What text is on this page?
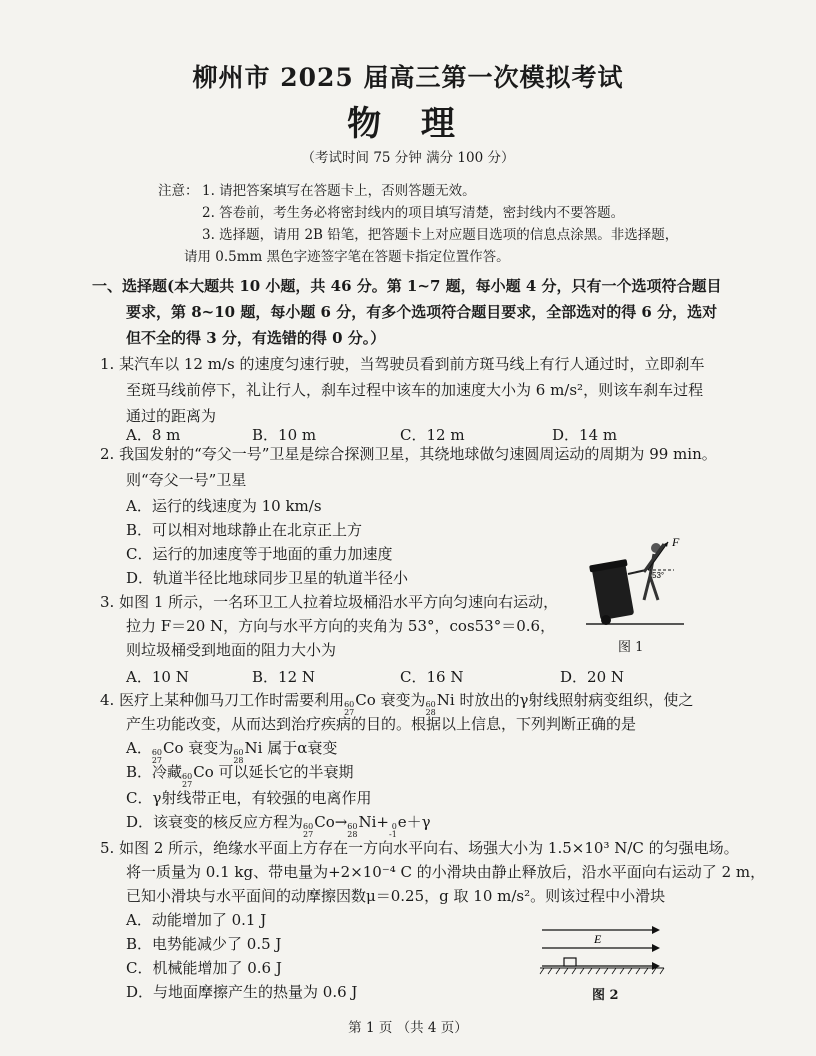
柳州市 2025 届高三第一次模拟考试
物 理
（考试时间 75 分钟 满分 100 分）
注意： 1. 请把答案填写在答题卡上，否则答题无效。
2. 答卷前，考生务必将密封线内的项目填写清楚，密封线内不要答题。
3. 选择题，请用 2B 铅笔，把答题卡上对应题目选项的信息点涂黑。非选择题，
请用 0.5mm 黑色字迹签字笔在答题卡指定位置作答。
一、选择题(本大题共 10 小题，共 46 分。第 1~7 题，每小题 4 分，只有一个选项符合题目
要求，第 8~10 题，每小题 6 分，有多个选项符合题目要求，全部选对的得 6 分，选对
但不全的得 3 分，有选错的得 0 分。）
1. 某汽车以 12 m/s 的速度匀速行驶，当驾驶员看到前方斑马线上有行人通过时，立即刹车
至斑马线前停下，礼让行人，刹车过程中该车的加速度大小为 6 m/s²，则该车刹车过程
通过的距离为
A．8 m	B．10 m	C．12 m	D．14 m
2. 我国发射的“夸父一号”卫星是综合探测卫星，其绕地球做匀速圆周运动的周期为 99 min。
则“夸父一号”卫星
A．运行的线速度为 10 km/s
B．可以相对地球静止在北京正上方
C．运行的加速度等于地面的重力加速度
D．轨道半径比地球同步卫星的轨道半径小
F
53°
图 1
3. 如图 1 所示，一名环卫工人拉着垃圾桶沿水平方向匀速向右运动，
拉力 F＝20 N，方向与水平方向的夹角为 53°，cos53°＝0.6，
则垃圾桶受到地面的阻力大小为
A．10 N	B．12 N	C．16 N	D．20 N
4. 医疗上某种伽马刀工作时需要利用 60
27
Co 衰变为 60
28
Ni 时放出的γ射线照射病变组织，使之
产生功能改变，从而达到治疗疾病的目的。根据以上信息，下列判断正确的是
A． 60
27
Co 衰变为 60
28
Ni 属于α衰变
B．冷藏 60
27
Co 可以延长它的半衰期
C．γ射线带正电，有较强的电离作用
D．该衰变的核反应方程为 60
27
Co→ 60
28
Ni+ 0
-1
e＋γ
5. 如图 2 所示，绝缘水平面上方存在一方向水平向右、场强大小为 1.5×10³ N/C 的匀强电场。
将一质量为 0.1 kg、带电量为+2×10⁻⁴ C 的小滑块由静止释放后，沿水平面向右运动了 2 m，
已知小滑块与水平面间的动摩擦因数μ＝0.25，g 取 10 m/s²。则该过程中小滑块
A．动能增加了 0.1 J
B．电势能减少了 0.5 J
C．机械能增加了 0.6 J
D．与地面摩擦产生的热量为 0.6 J
E
图 2
第 1 页 （共 4 页）
